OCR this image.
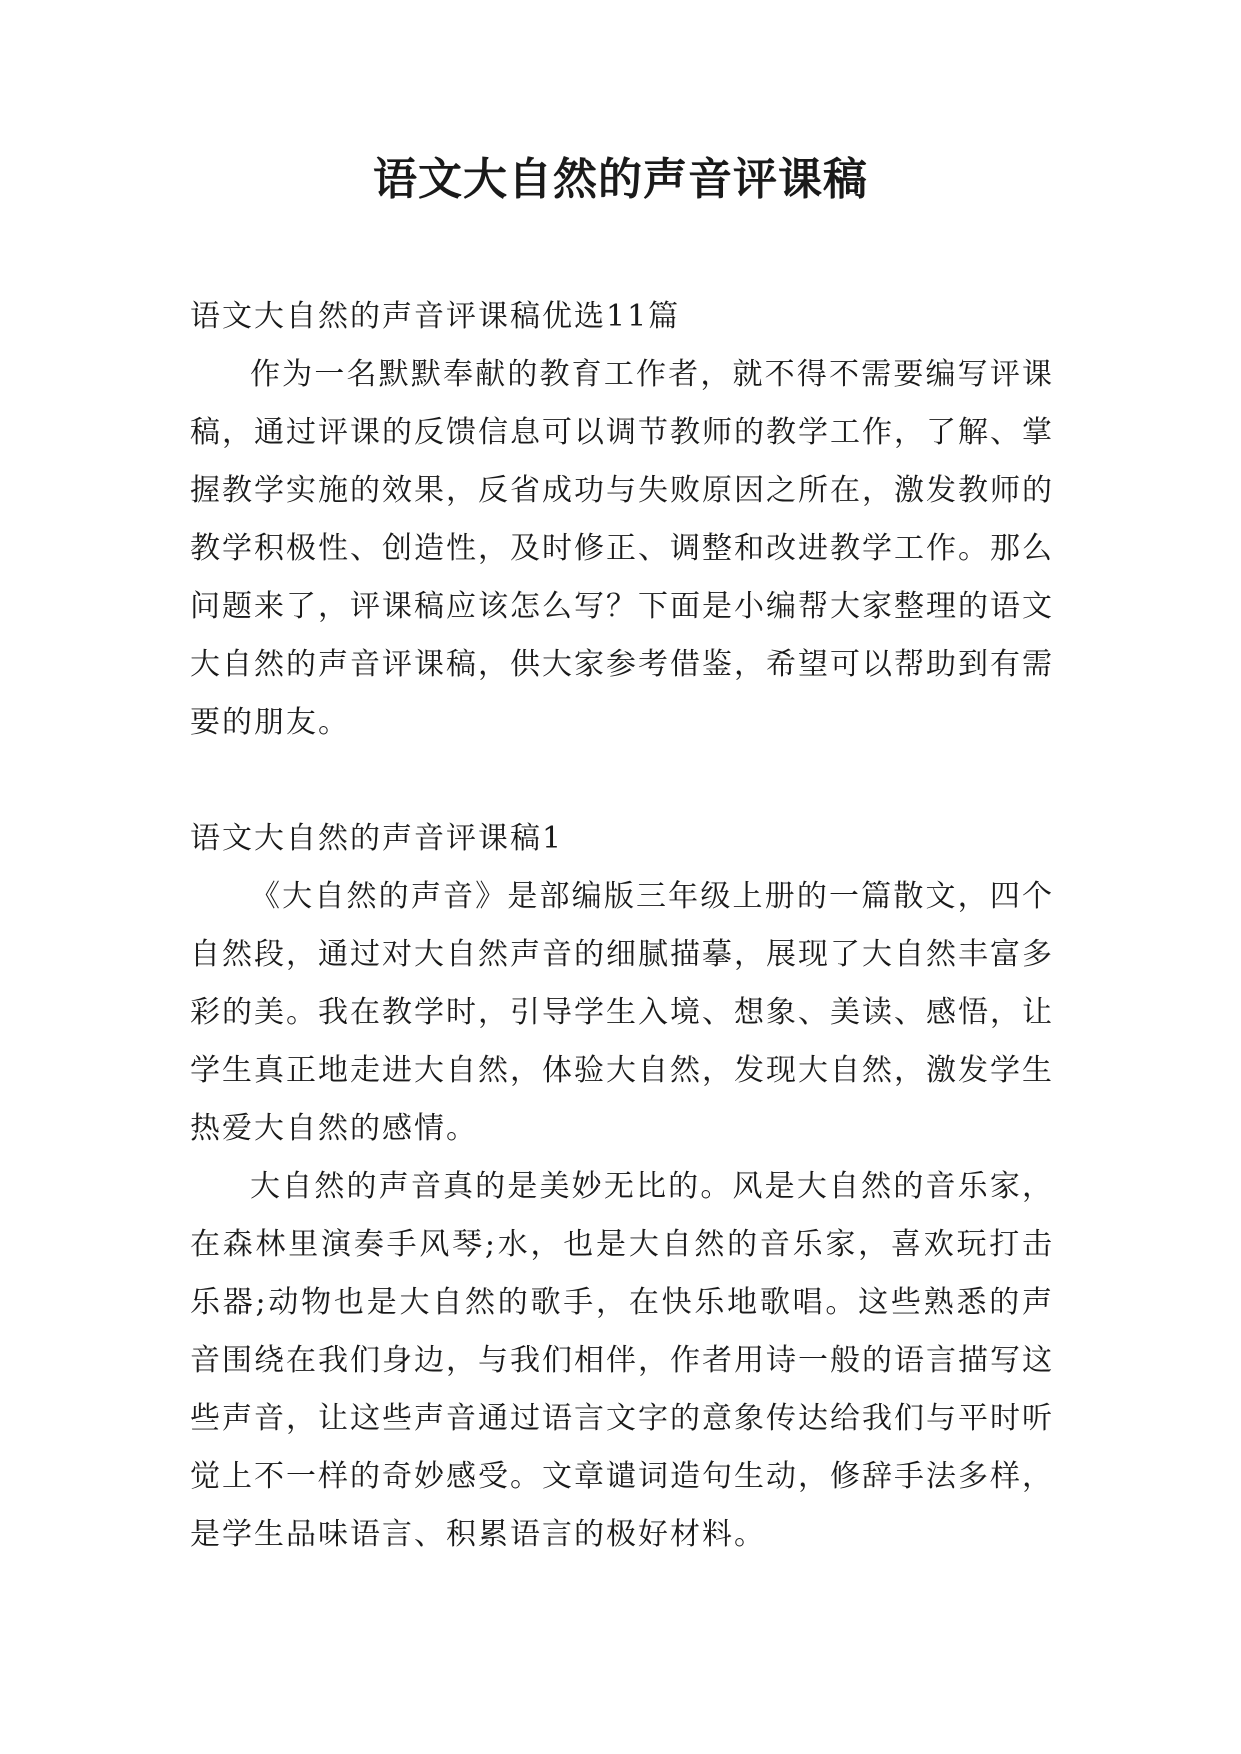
语文大自然的声音评课稿

语文大自然的声音评课稿优选11篇

作为一名默默奉献的教育工作者，就不得不需要编写评课稿，通过评课的反馈信息可以调节教师的教学工作，了解、掌握教学实施的效果，反省成功与失败原因之所在，激发教师的教学积极性、创造性，及时修正、调整和改进教学工作。那么问题来了，评课稿应该怎么写？下面是小编帮大家整理的语文大自然的声音评课稿，供大家参考借鉴，希望可以帮助到有需要的朋友。

语文大自然的声音评课稿1

《大自然的声音》是部编版三年级上册的一篇散文，四个自然段，通过对大自然声音的细腻描摹，展现了大自然丰富多彩的美。我在教学时，引导学生入境、想象、美读、感悟，让学生真正地走进大自然，体验大自然，发现大自然，激发学生热爱大自然的感情。

大自然的声音真的是美妙无比的。风是大自然的音乐家，在森林里演奏手风琴;水，也是大自然的音乐家，喜欢玩打击乐器;动物也是大自然的歌手，在快乐地歌唱。这些熟悉的声音围绕在我们身边，与我们相伴，作者用诗一般的语言描写这些声音，让这些声音通过语言文字的意象传达给我们与平时听觉上不一样的奇妙感受。文章谴词造句生动，修辞手法多样，是学生品味语言、积累语言的极好材料。
